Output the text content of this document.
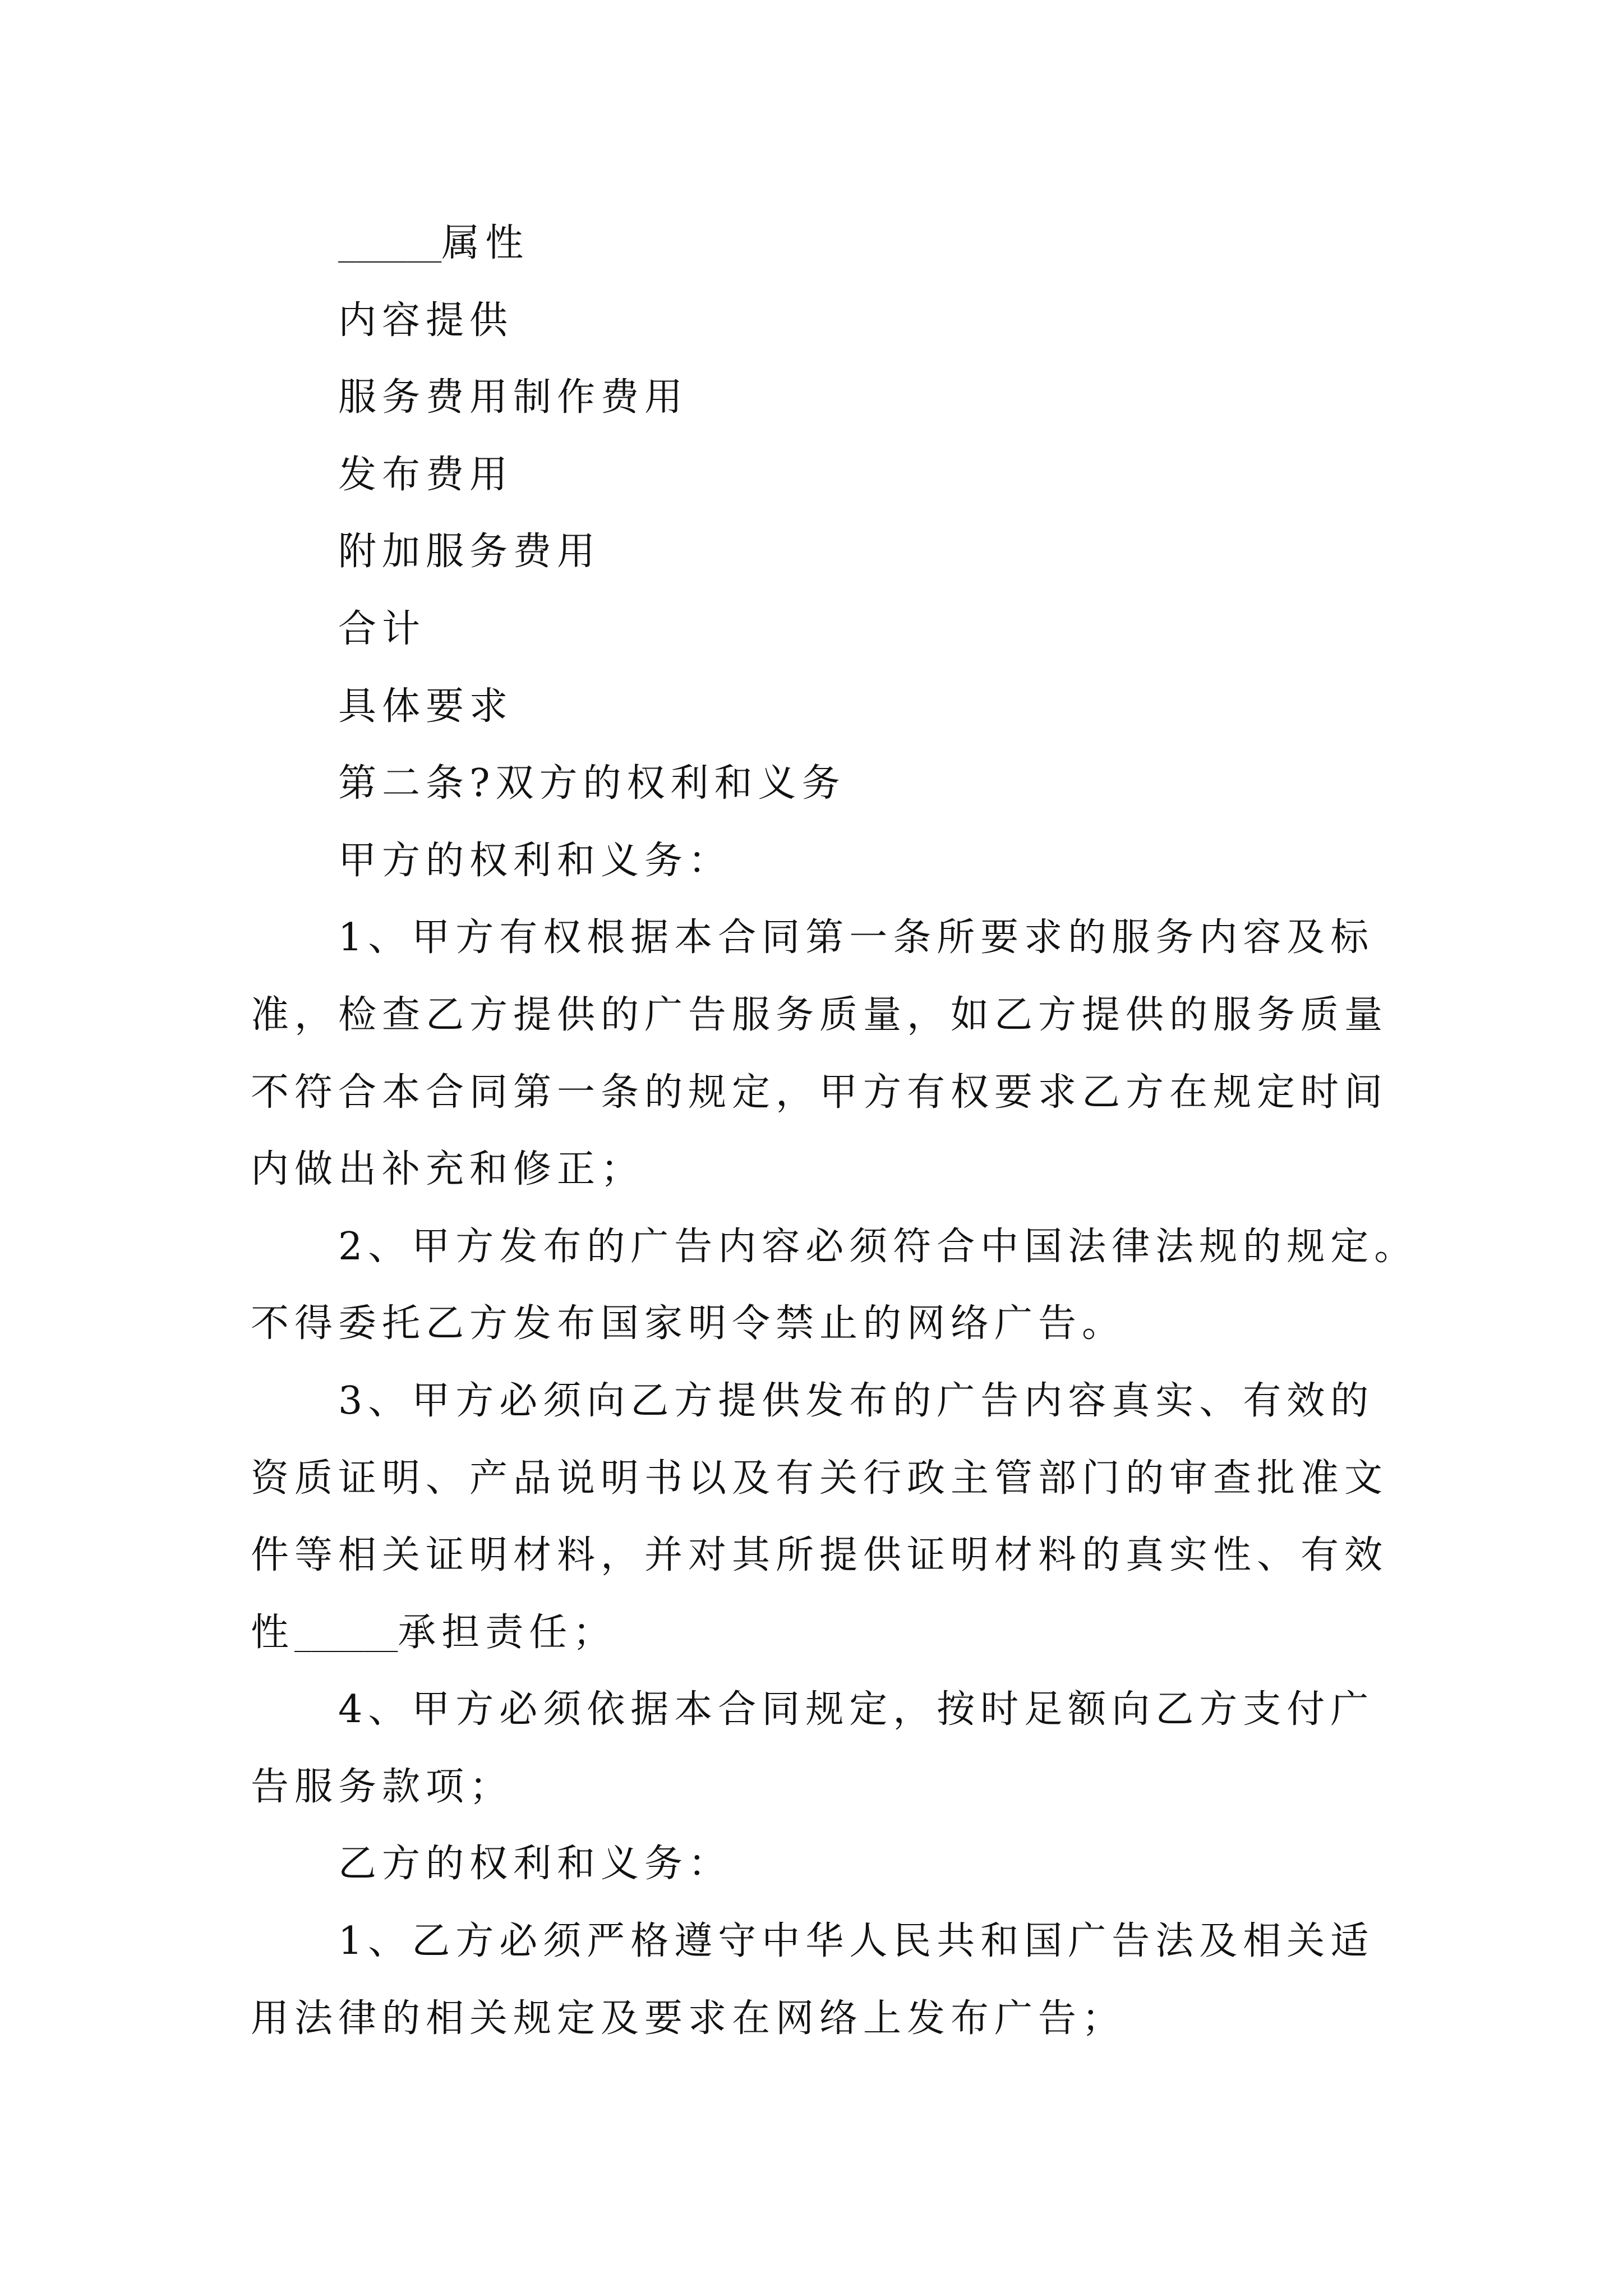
______属性
内容提供
服务费用制作费用
发布费用
附加服务费用
合计
具体要求
第二条?双方的权利和义务
甲方的权利和义务：
1、甲方有权根据本合同第一条所要求的服务内容及标
准，检查乙方提供的广告服务质量，如乙方提供的服务质量
不符合本合同第一条的规定，甲方有权要求乙方在规定时间
内做出补充和修正；
2、甲方发布的广告内容必须符合中国法律法规的规定。
不得委托乙方发布国家明令禁止的网络广告。
3、甲方必须向乙方提供发布的广告内容真实、有效的
资质证明、产品说明书以及有关行政主管部门的审查批准文
件等相关证明材料，并对其所提供证明材料的真实性、有效
性______承担责任；
4、甲方必须依据本合同规定，按时足额向乙方支付广
告服务款项；
乙方的权利和义务：
1、乙方必须严格遵守中华人民共和国广告法及相关适
用法律的相关规定及要求在网络上发布广告；
